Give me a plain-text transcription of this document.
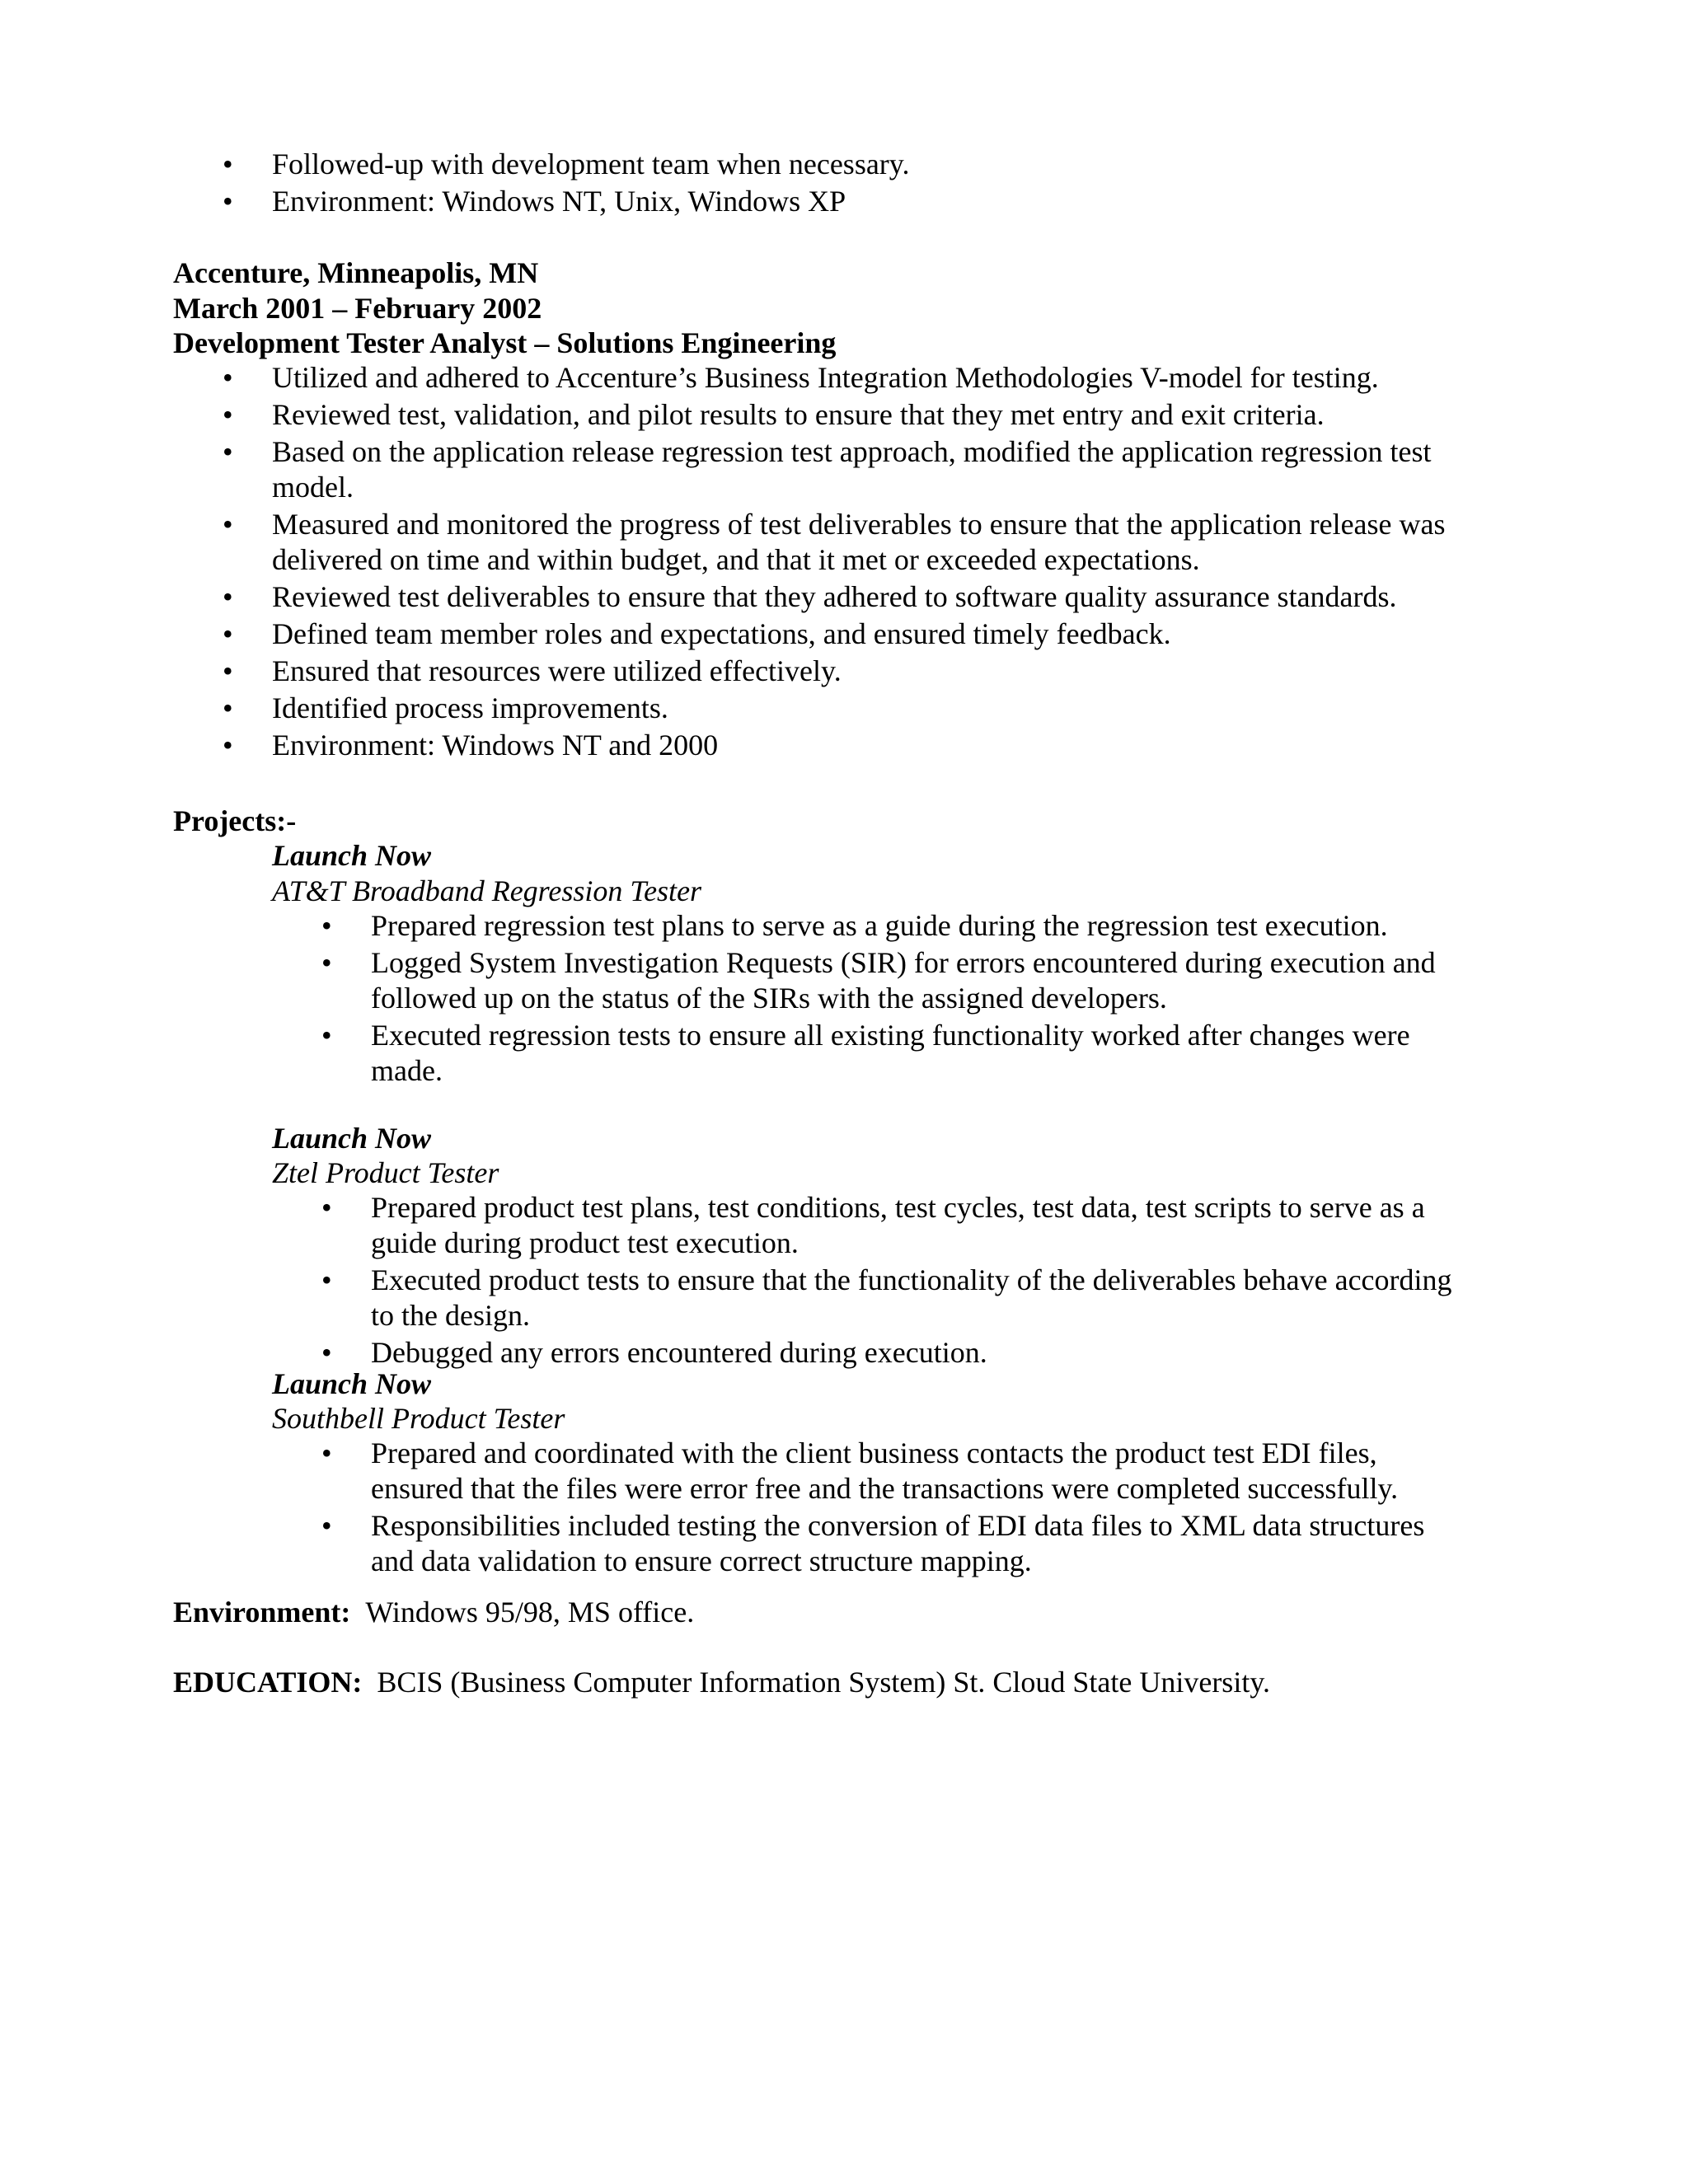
•
Followed-up with development team when necessary.
•
Environment: Windows NT, Unix, Windows XP
Accenture, Minneapolis, MN
March 2001 – February 2002
Development Tester Analyst – Solutions Engineering
•
Utilized and adhered to Accenture’s Business Integration Methodologies V-model for testing.
•
Reviewed test, validation, and pilot results to ensure that they met entry and exit criteria.
•
Based on the application release regression test approach, modified the application regression test model.
•
Measured and monitored the progress of test deliverables to ensure that the application release was delivered on time and within budget, and that it met or exceeded expectations.
•
Reviewed test deliverables to ensure that they adhered to software quality assurance standards.
•
Defined team member roles and expectations, and ensured timely feedback.
•
Ensured that resources were utilized effectively.
•
Identified process improvements.
•
Environment: Windows NT and 2000
Projects:-
Launch Now
AT&T Broadband Regression Tester
•
Prepared regression test plans to serve as a guide during the regression test execution.
•
Logged System Investigation Requests (SIR) for errors encountered during execution and followed up on the status of the SIRs with the assigned developers.
•
Executed regression tests to ensure all existing functionality worked after changes were made.
Launch Now
Ztel Product Tester
•
Prepared product test plans, test conditions, test cycles, test data, test scripts to serve as a guide during product test execution.
•
Executed product tests to ensure that the functionality of the deliverables behave according to the design.
•
Debugged any errors encountered during execution.
Launch Now
Southbell Product Tester
•
Prepared and coordinated with the client business contacts the product test EDI files, ensured that the files were error free and the transactions were completed successfully.
•
Responsibilities included testing the conversion of EDI data files to XML data structures and data validation to ensure correct structure mapping.
Environment: Windows 95/98, MS office.
EDUCATION: BCIS (Business Computer Information System) St. Cloud State University.
